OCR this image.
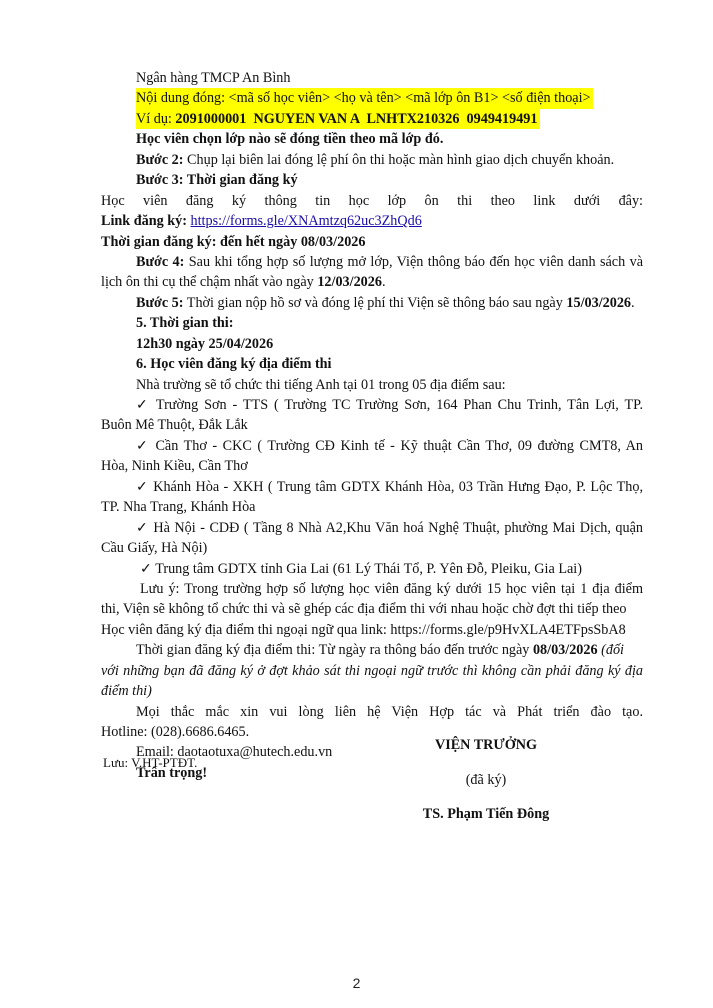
Ngân hàng TMCP An Bình
Nội dung đóng: <mã số học viên> <họ và tên> <mã lớp ôn B1> <số điện thoại>
Ví dụ: 2091000001  NGUYEN VAN A  LNHTX210326  0949419491
Học viên chọn lớp nào sẽ đóng tiền theo mã lớp đó.
Bước 2: Chụp lại biên lai đóng lệ phí ôn thi hoặc màn hình giao dịch chuyển khoản.
Bước 3: Thời gian đăng ký
Học viên đăng ký thông tin học lớp ôn thi theo link dưới đây:
Link đăng ký: https://forms.gle/XNAmtzq62uc3ZhQd6
Thời gian đăng ký: đến hết ngày 08/03/2026
Bước 4: Sau khi tổng hợp số lượng mở lớp, Viện thông báo đến học viên danh sách và
lịch ôn thi cụ thể chậm nhất vào ngày 12/03/2026.
Bước 5: Thời gian nộp hồ sơ và đóng lệ phí thi Viện sẽ thông báo sau ngày 15/03/2026.
5. Thời gian thi:
12h30 ngày 25/04/2026
6. Học viên đăng ký địa điểm thi
Nhà trường sẽ tổ chức thi tiếng Anh tại 01 trong 05 địa điểm sau:
✓ Trường Sơn - TTS ( Trường TC Trường Sơn, 164 Phan Chu Trinh, Tân Lợi, TP.
Buôn Mê Thuột, Đắk Lắk
✓ Cần Thơ - CKC ( Trường CĐ Kinh tế - Kỹ thuật Cần Thơ, 09 đường CMT8, An
Hòa, Ninh Kiều, Cần Thơ
✓ Khánh Hòa - XKH ( Trung tâm GDTX Khánh Hòa, 03 Trần Hưng Đạo, P. Lộc Thọ,
TP. Nha Trang, Khánh Hòa
✓ Hà Nội - CDĐ ( Tầng 8 Nhà A2,Khu Văn hoá Nghệ Thuật, phường Mai Dịch, quận
Cầu Giấy, Hà Nội)
✓ Trung tâm GDTX tỉnh Gia Lai (61 Lý Thái Tổ, P. Yên Đỗ, Pleiku, Gia Lai)
Lưu ý: Trong trường hợp số lượng học viên đăng ký dưới 15 học viên tại 1 địa điểm
thi, Viện sẽ không tổ chức thi và sẽ ghép các địa điểm thi với nhau hoặc chờ đợt thi tiếp theo
Học viên đăng ký địa điểm thi ngoại ngữ qua link: https://forms.gle/p9HvXLA4ETFpsSbA8
Thời gian đăng ký địa điểm thi: Từ ngày ra thông báo đến trước ngày 08/03/2026 (đối
với những bạn đã đăng ký ở đợt khảo sát thi ngoại ngữ trước thì không cần phải đăng ký địa
điểm thi)
Mọi thắc mắc xin vui lòng liên hệ Viện Hợp tác và Phát triển đào tạo.
Hotline: (028).6686.6465.
Email: daotaotuxa@hutech.edu.vn
Trân trọng!
Lưu: V.HT-PTĐT.
VIỆN TRƯỞNG
(đã ký)
TS. Phạm Tiến Đông
2
